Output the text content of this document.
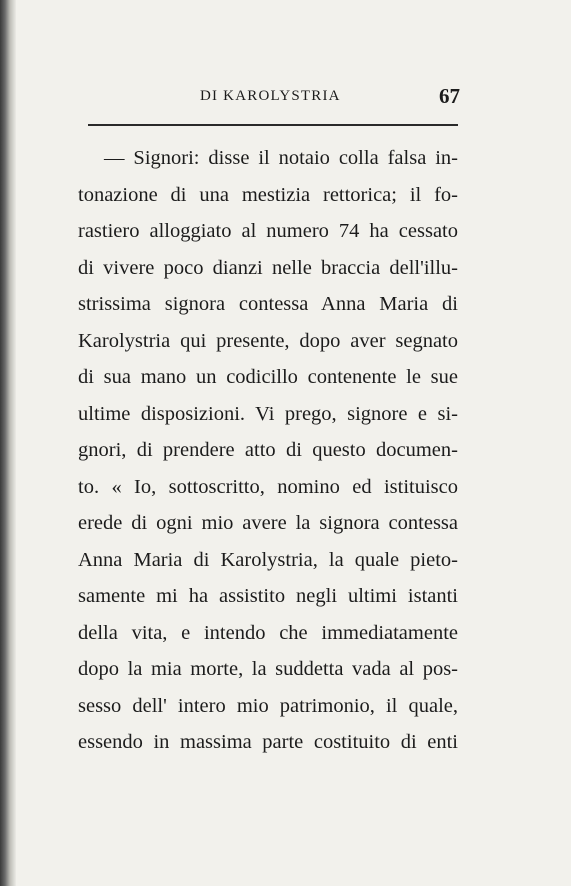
DI KAROLYSTRIA	67
— Signori: disse il notaio colla falsa in-
tonazione di una mestizia rettorica; il fo-
rastiero alloggiato al numero 74 ha cessato
di vivere poco dianzi nelle braccia dell'illu-
strissima signora contessa Anna Maria di
Karolystria qui presente, dopo aver segnato
di sua mano un codicillo contenente le sue
ultime disposizioni. Vi prego, signore e si-
gnori, di prendere atto di questo documen-
to. « Io, sottoscritto, nomino ed istituisco
erede di ogni mio avere la signora contessa
Anna Maria di Karolystria, la quale pieto-
samente mi ha assistito negli ultimi istanti
della vita, e intendo che immediatamente
dopo la mia morte, la suddetta vada al pos-
sesso dell' intero mio patrimonio, il quale,
essendo in massima parte costituito di enti
